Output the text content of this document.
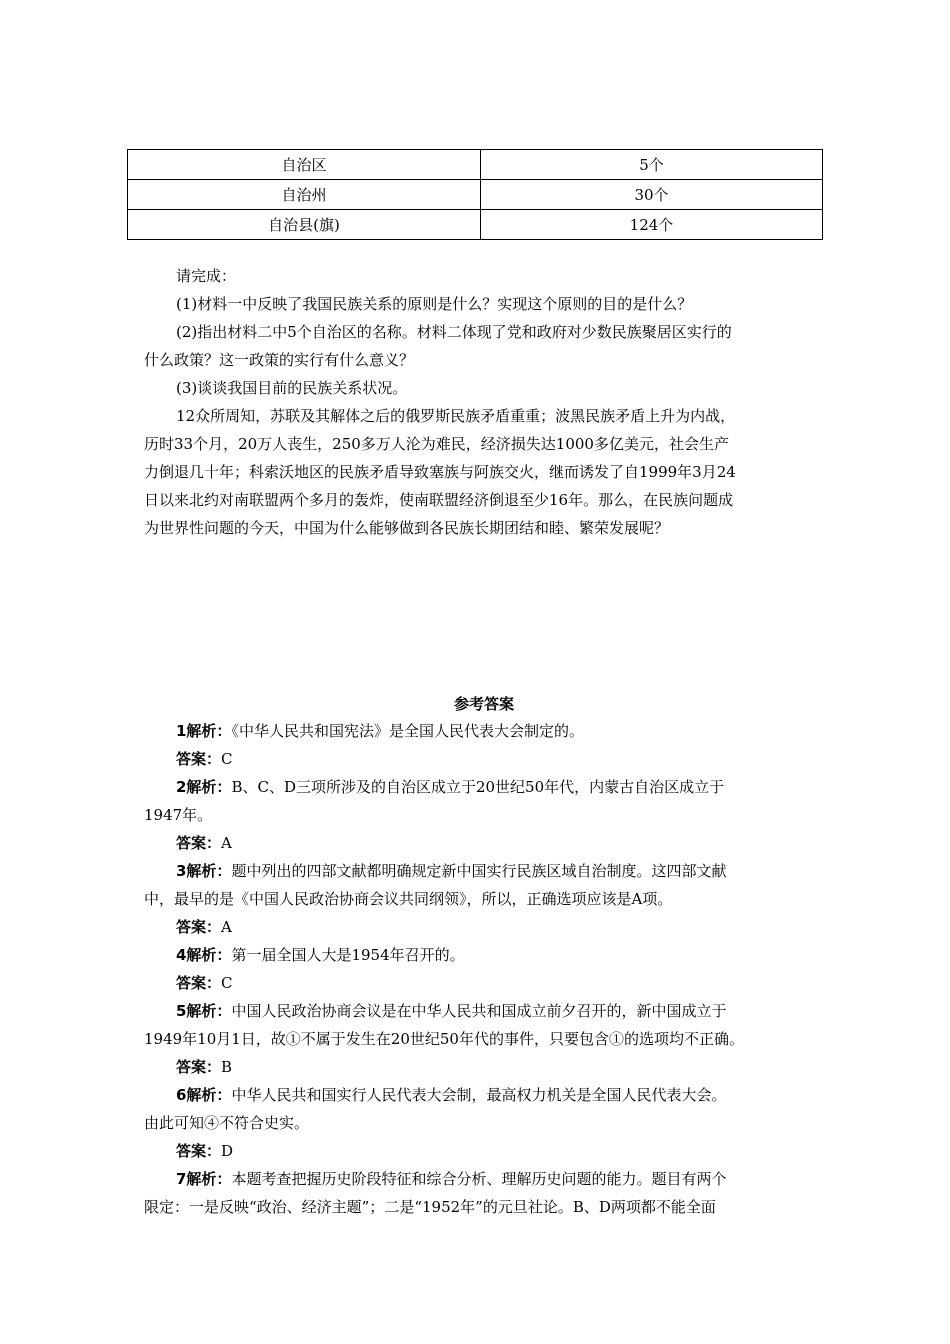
自治区	5个
自治州	30个
自治县(旗)	124个
请完成：
(1)材料一中反映了我国民族关系的原则是什么？实现这个原则的目的是什么？
(2)指出材料二中5个自治区的名称。材料二体现了党和政府对少数民族聚居区实行的
什么政策？这一政策的实行有什么意义？
(3)谈谈我国目前的民族关系状况。
12众所周知，苏联及其解体之后的俄罗斯民族矛盾重重；波黑民族矛盾上升为内战，
历时33个月，20万人丧生，250多万人沦为难民，经济损失达1000多亿美元，社会生产
力倒退几十年；科索沃地区的民族矛盾导致塞族与阿族交火，继而诱发了自1999年3月24
日以来北约对南联盟两个多月的轰炸，使南联盟经济倒退至少16年。那么，在民族问题成
为世界性问题的今天，中国为什么能够做到各民族长期团结和睦、繁荣发展呢？
参考答案
1解析：《中华人民共和国宪法》是全国人民代表大会制定的。
答案：C
2解析：B、C、D三项所涉及的自治区成立于20世纪50年代，内蒙古自治区成立于
1947年。
答案：A
3解析：题中列出的四部文献都明确规定新中国实行民族区域自治制度。这四部文献
中，最早的是《中国人民政治协商会议共同纲领》，所以，正确选项应该是A项。
答案：A
4解析：第一届全国人大是1954年召开的。
答案：C
5解析：中国人民政治协商会议是在中华人民共和国成立前夕召开的，新中国成立于
1949年10月1日，故①不属于发生在20世纪50年代的事件，只要包含①的选项均不正确。
答案：B
6解析：中华人民共和国实行人民代表大会制，最高权力机关是全国人民代表大会。
由此可知④不符合史实。
答案：D
7解析：本题考查把握历史阶段特征和综合分析、理解历史问题的能力。题目有两个
限定：一是反映“政治、经济主题”；二是“1952年”的元旦社论。B、D两项都不能全面
